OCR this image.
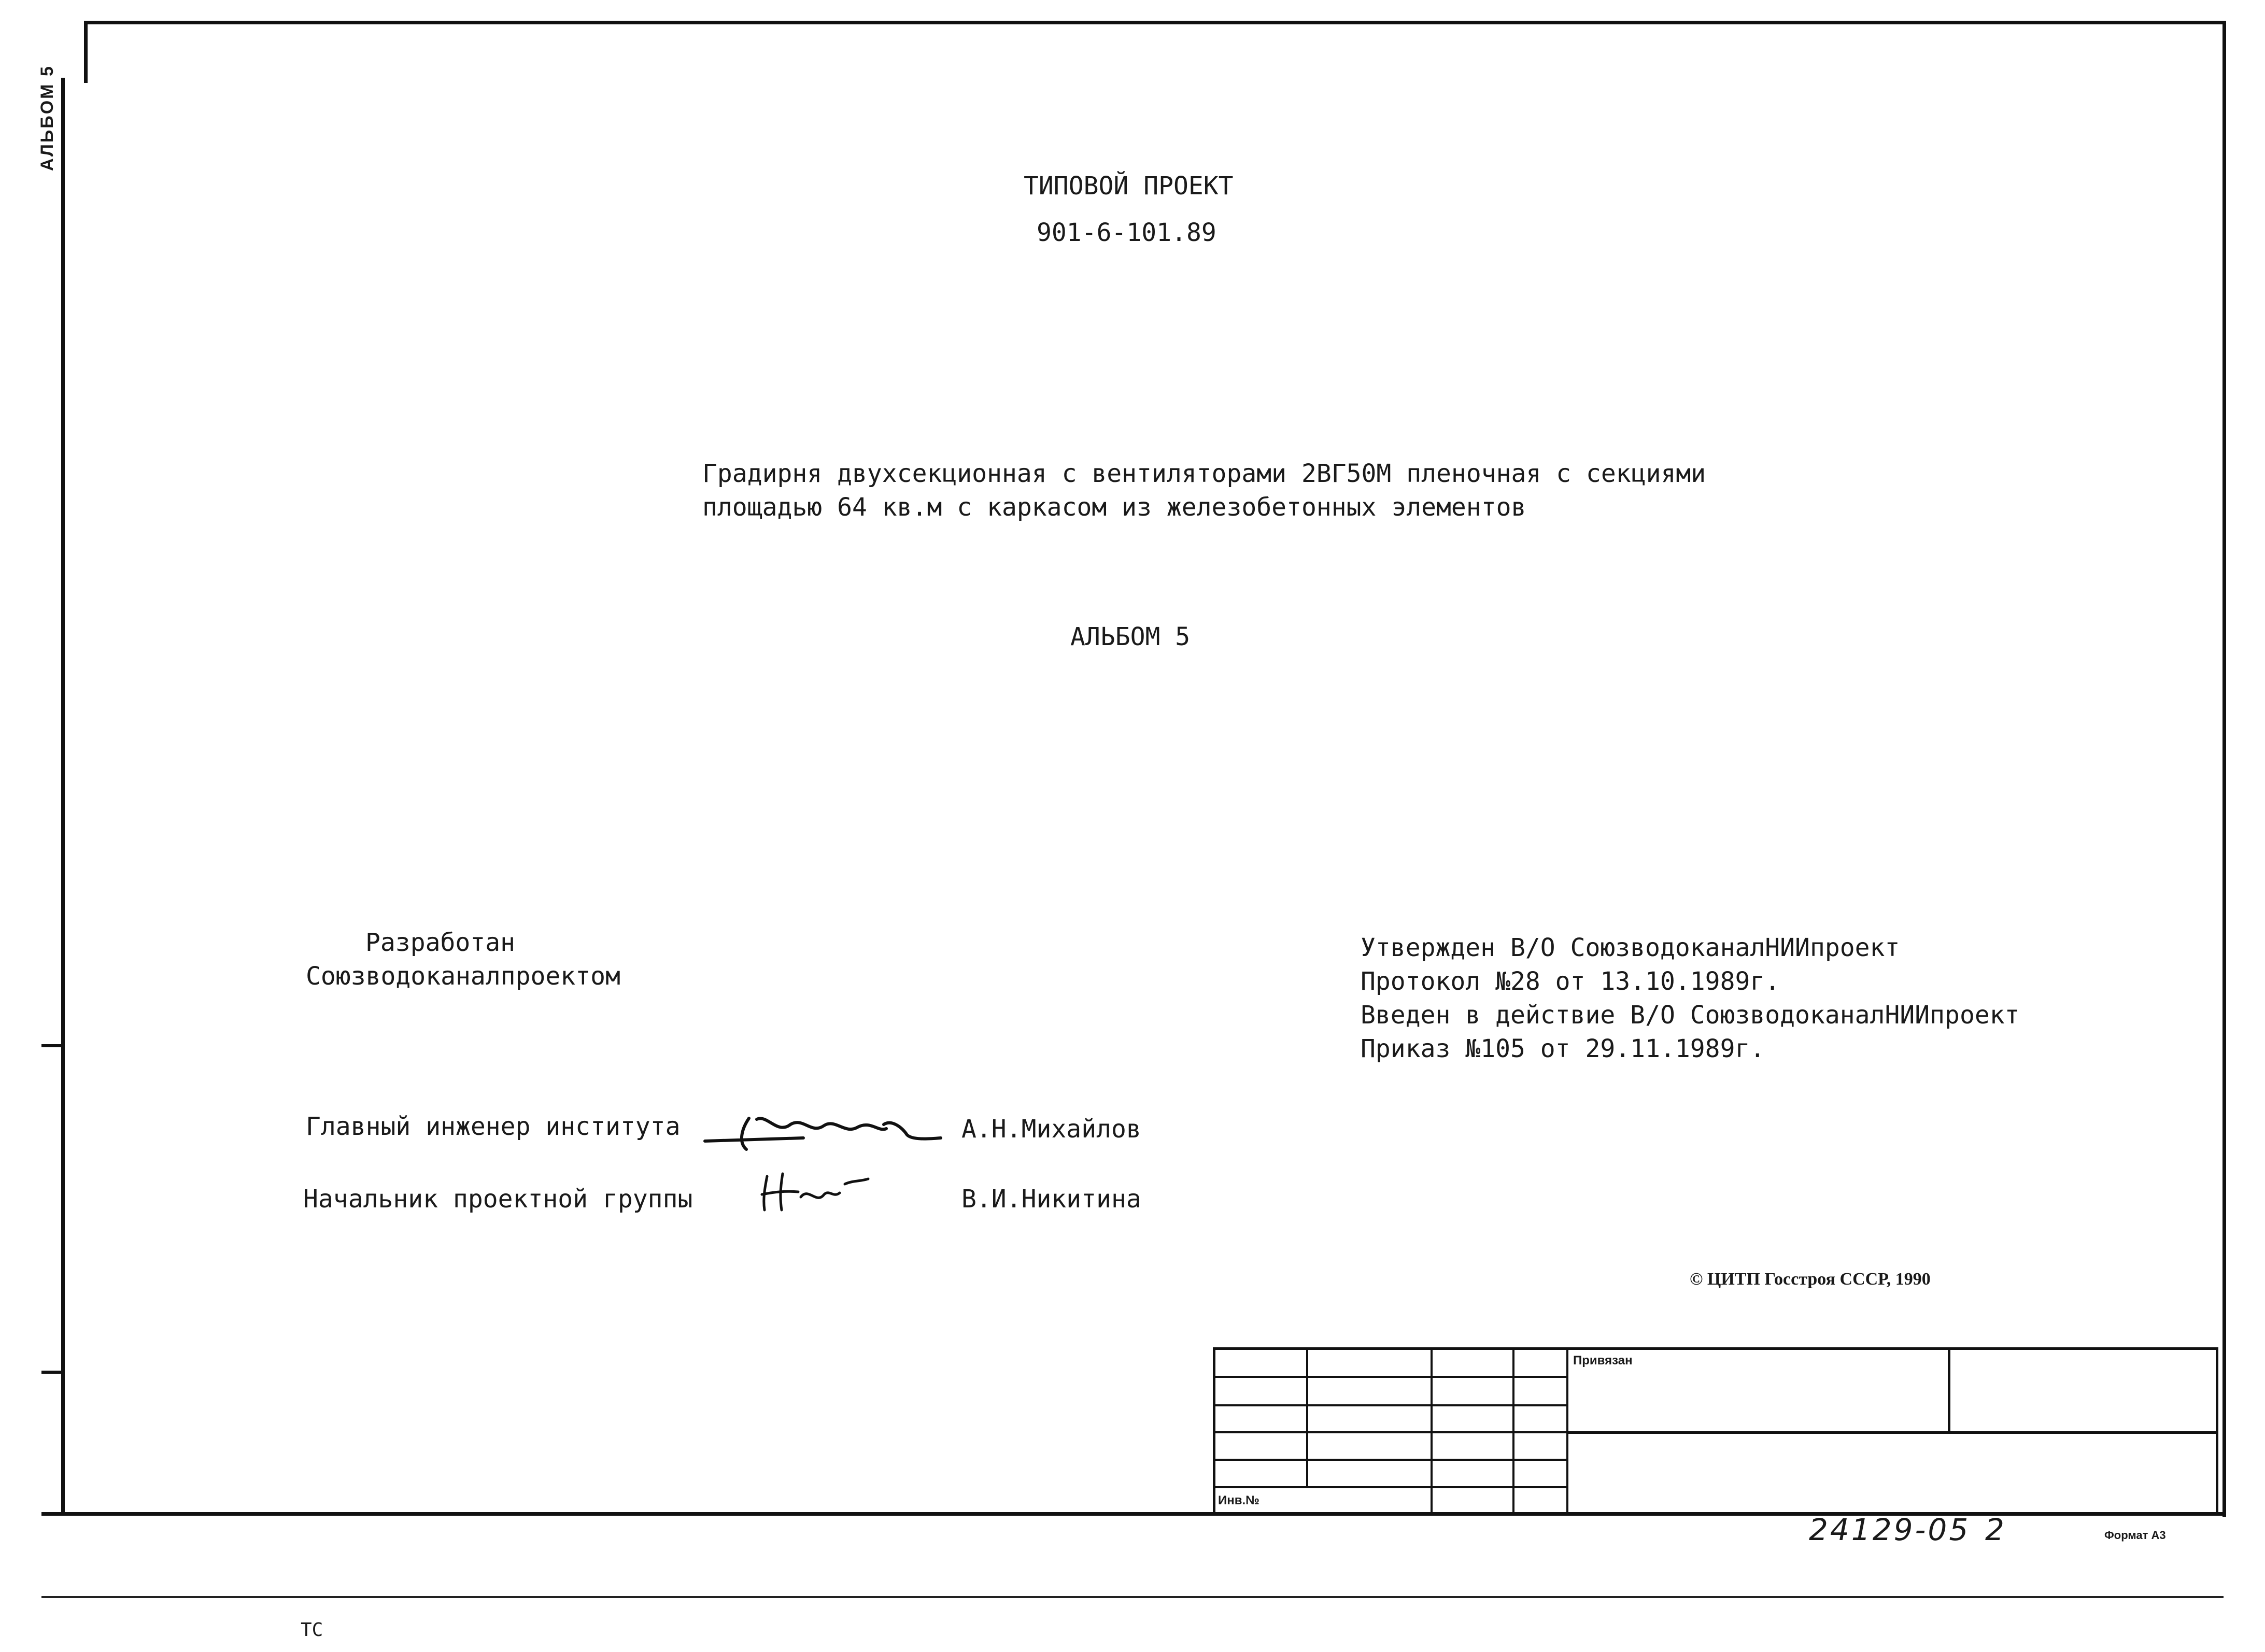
АЛЬБОМ 5
ТИПОВОЙ ПРОЕКТ
901-6-101.89
Градирня двухсекционная с вентиляторами 2ВГ50М пленочная с секциями
площадью 64 кв.м с каркасом из железобетонных элементов
АЛЬБОМ 5
Разработан
Союзводоканалпроектом
Утвержден В/О СоюзводоканалНИИпроект
Протокол №28 от 13.10.1989г.
Введен в действие В/О СоюзводоканалНИИпроект
Приказ №105 от 29.11.1989г.
Главный инженер института	А.Н.Михайлов
Начальник проектной группы	В.И.Никитина
© ЦИТП Госстроя СССР, 1990
Привязан
Инв.№
24129-05 2	Формат А3
ТС
